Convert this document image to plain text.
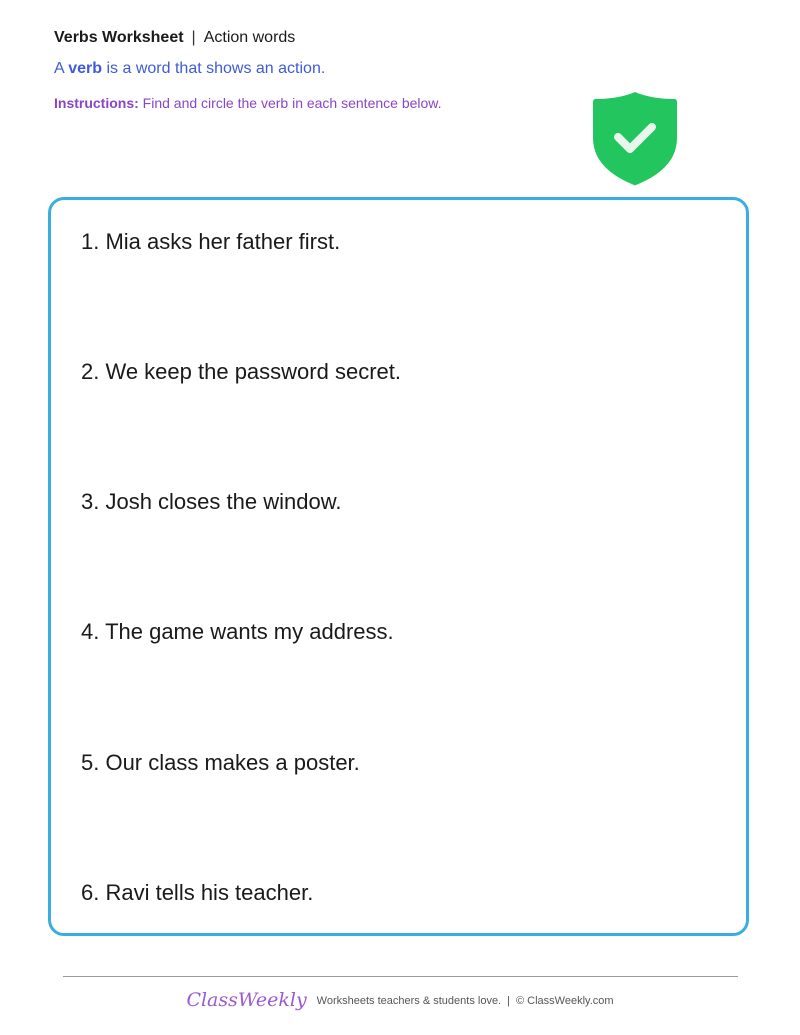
Verbs Worksheet | Action words
A verb is a word that shows an action.
Instructions: Find and circle the verb in each sentence below.
1. Mia asks her father first.
2. We keep the password secret.
3. Josh closes the window.
4. The game wants my address.
5. Our class makes a poster.
6. Ravi tells his teacher.
ClassWeekly Worksheets teachers & students love. | © ClassWeekly.com
